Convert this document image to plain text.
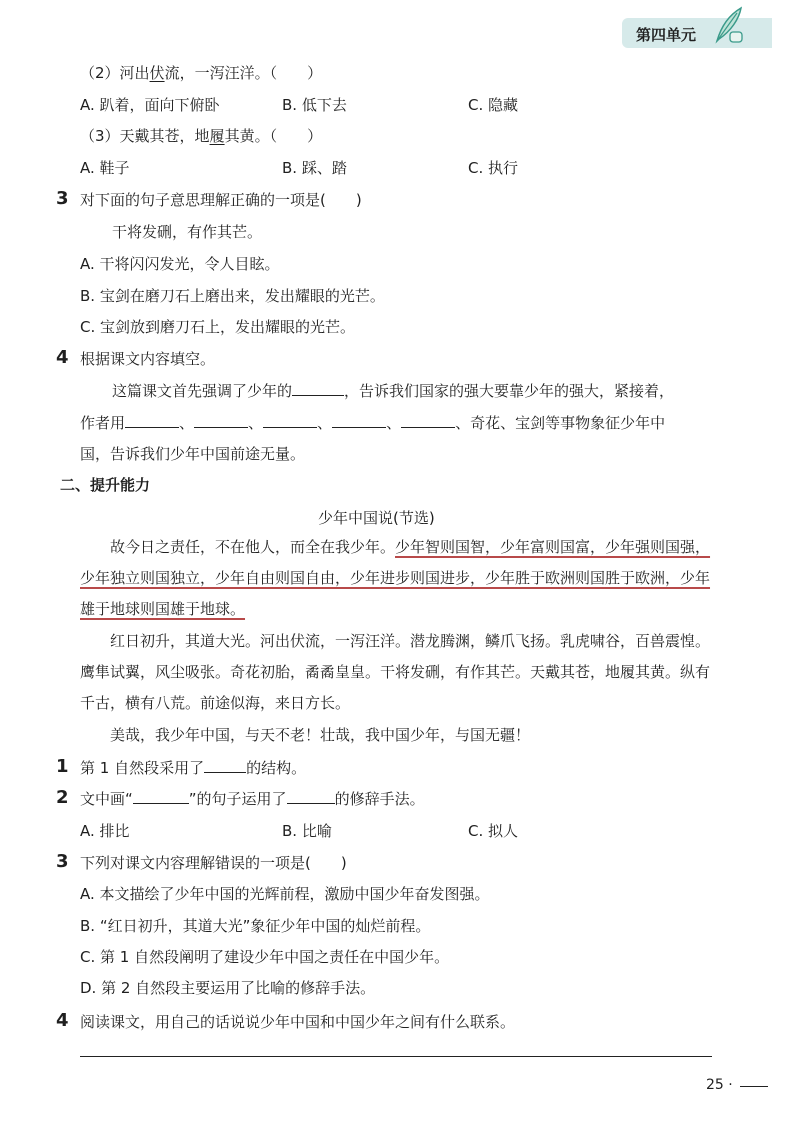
第四单元
（2）河出伏流，一泻汪洋。（　　）
A. 趴着，面向下俯卧	B. 低下去	C. 隐藏
（3）天戴其苍，地履其黄。（　　）
A. 鞋子	B. 踩、踏	C. 执行
3 对下面的句子意思理解正确的一项是(　　)
干将发硎，有作其芒。
A. 干将闪闪发光，令人目眩。
B. 宝剑在磨刀石上磨出来，发出耀眼的光芒。
C. 宝剑放到磨刀石上，发出耀眼的光芒。
4 根据课文内容填空。
这篇课文首先强调了少年的	，告诉我们国家的强大要靠少年的强大，紧接着，
作者用	、	、	、	、	、奇花、宝剑等事物象征少年中
国，告诉我们少年中国前途无量。
二、提升能力
少年中国说(节选)
故今日之责任，不在他人，而全在我少年。少年智则国智，少年富则国富，少年强则国强，
少年独立则国独立，少年自由则国自由，少年进步则国进步，少年胜于欧洲则国胜于欧洲，少年
雄于地球则国雄于地球。
红日初升，其道大光。河出伏流，一泻汪洋。潜龙腾渊，鳞爪飞扬。乳虎啸谷，百兽震惶。
鹰隼试翼，风尘吸张。奇花初胎，矞矞皇皇。干将发硎，有作其芒。天戴其苍，地履其黄。纵有
千古，横有八荒。前途似海，来日方长。
美哉，我少年中国，与天不老！壮哉，我中国少年，与国无疆！
1 第 1 自然段采用了	的结构。
2 文中画“	”的句子运用了	的修辞手法。
A. 排比	B. 比喻	C. 拟人
3 下列对课文内容理解错误的一项是(　　)
A. 本文描绘了少年中国的光辉前程，激励中国少年奋发图强。
B. “红日初升，其道大光”象征少年中国的灿烂前程。
C. 第 1 自然段阐明了建设少年中国之责任在中国少年。
D. 第 2 自然段主要运用了比喻的修辞手法。
4 阅读课文，用自己的话说说少年中国和中国少年之间有什么联系。
25 ·
